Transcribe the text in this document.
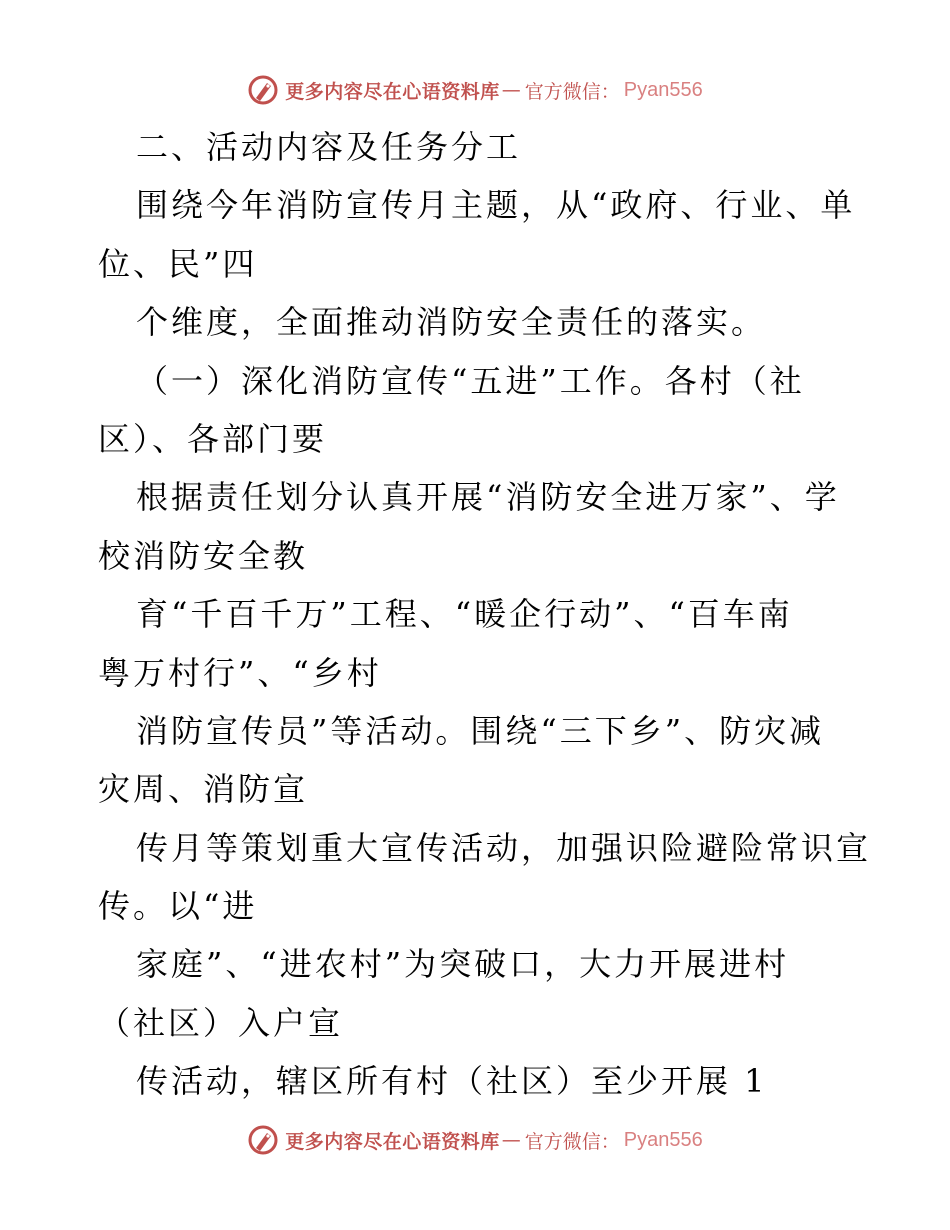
更多内容尽在心语资料库 — 官方微信： Pyan556
二、活动内容及任务分工
围绕今年消防宣传月主题，从“政府、行业、单
位、民”四
个维度，全面推动消防安全责任的落实。
（一）深化消防宣传“五进”工作。各村（社
区）、各部门要
根据责任划分认真开展“消防安全进万家”、学
校消防安全教
育“千百千万”工程、“暖企行动”、“百车南
粤万村行”、“乡村
消防宣传员”等活动。围绕“三下乡”、防灾减
灾周、消防宣
传月等策划重大宣传活动，加强识险避险常识宣
传。以“进
家庭”、“进农村”为突破口，大力开展进村
（社区）入户宣
传活动，辖区所有村（社区）至少开展 1
更多内容尽在心语资料库 — 官方微信： Pyan556
